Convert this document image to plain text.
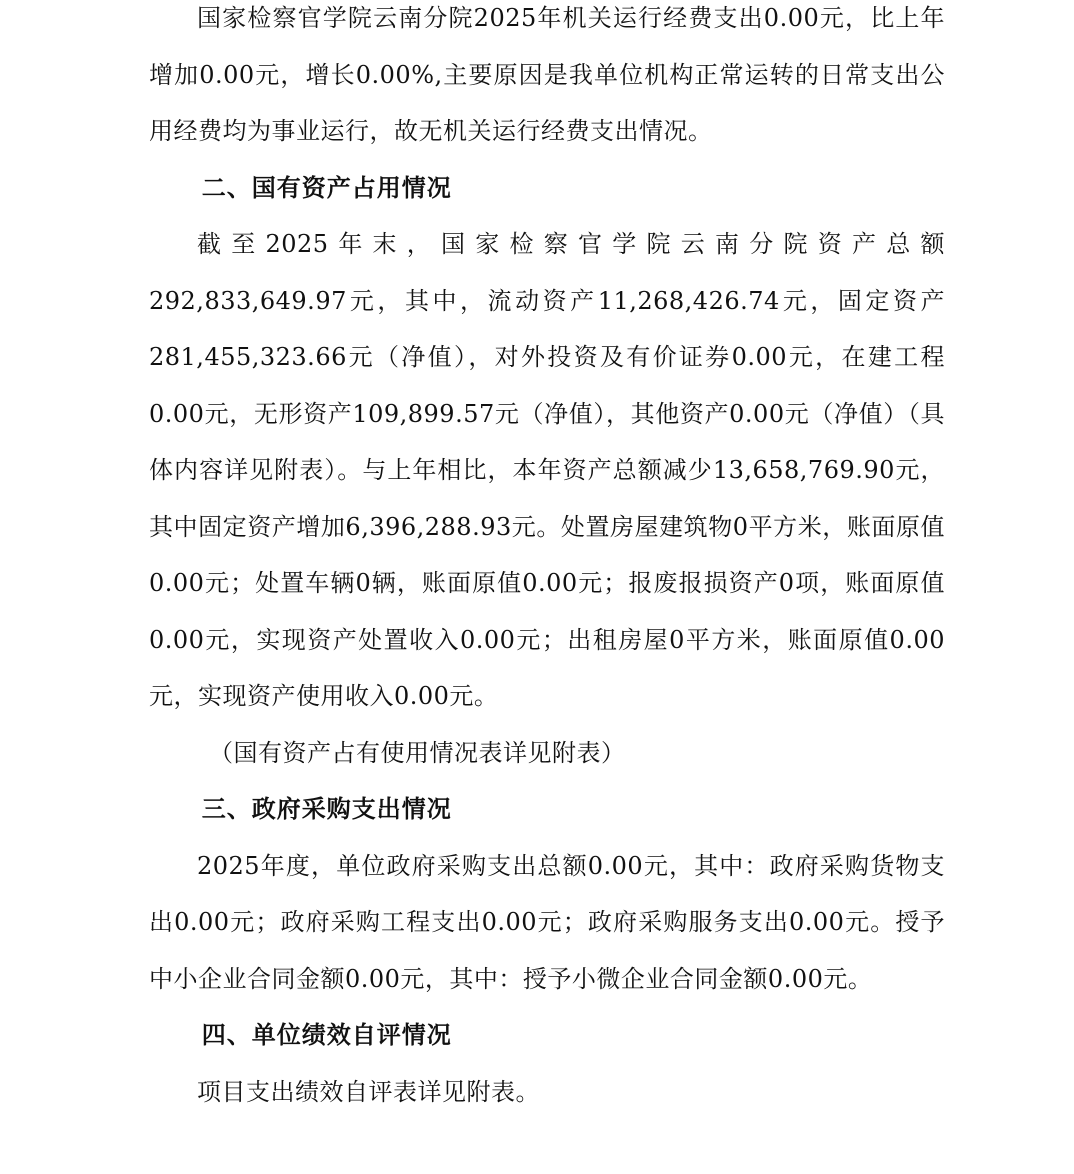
国家检察官学院云南分院2025年机关运行经费支出0.00元，比上年增加0.00元，增长0.00%,主要原因是我单位机构正常运转的日常支出公用经费均为事业运行，故无机关运行经费支出情况。

二、国有资产占用情况

截至2025年末，国家检察官学院云南分院资产总额292,833,649.97元，其中，流动资产11,268,426.74元，固定资产281,455,323.66元（净值），对外投资及有价证券0.00元，在建工程0.00元，无形资产109,899.57元（净值），其他资产0.00元（净值）（具体内容详见附表）。与上年相比，本年资产总额减少13,658,769.90元，其中固定资产增加6,396,288.93元。处置房屋建筑物0平方米，账面原值0.00元；处置车辆0辆，账面原值0.00元；报废报损资产0项，账面原值0.00元，实现资产处置收入0.00元；出租房屋0平方米，账面原值0.00元，实现资产使用收入0.00元。

（国有资产占有使用情况表详见附表）

三、政府采购支出情况

2025年度，单位政府采购支出总额0.00元，其中：政府采购货物支出0.00元；政府采购工程支出0.00元；政府采购服务支出0.00元。授予中小企业合同金额0.00元，其中：授予小微企业合同金额0.00元。

四、单位绩效自评情况

项目支出绩效自评表详见附表。
